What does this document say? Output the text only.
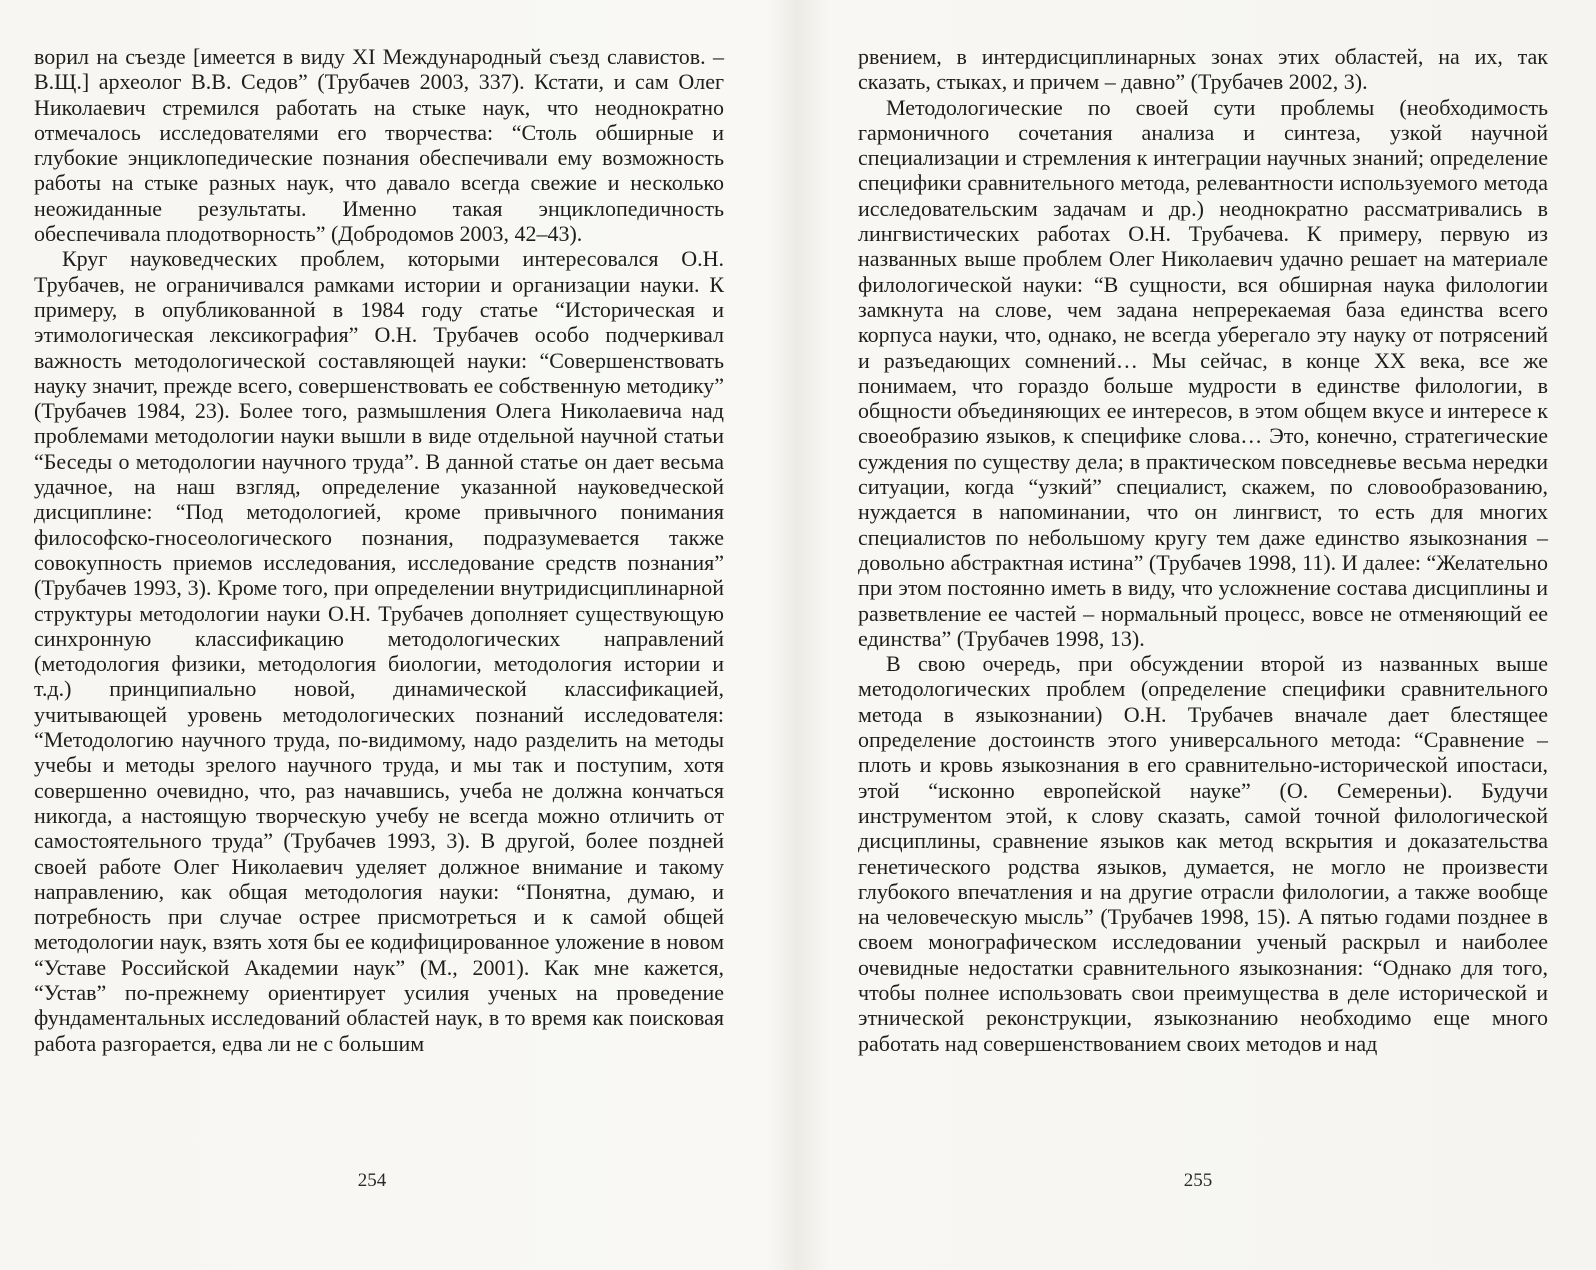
ворил на съезде [имеется в виду XI Международный съезд славистов. – В.Щ.] археолог В.В. Седов” (Трубачев 2003, 337). Кстати, и сам Олег Николаевич стремился работать на стыке наук, что неоднократно отмечалось исследователями его творчества: “Столь обширные и глубокие энциклопедические познания обеспечивали ему возможность работы на стыке разных наук, что давало всегда свежие и несколько неожиданные результаты. Именно такая энциклопедичность обеспечивала плодотворность” (Добродомов 2003, 42–43).

Круг науковедческих проблем, которыми интересовался О.Н. Трубачев, не ограничивался рамками истории и организации науки. К примеру, в опубликованной в 1984 году статье “Историческая и этимологическая лексикография” О.Н. Трубачев особо подчеркивал важность методологической составляющей науки: “Совершенствовать науку значит, прежде всего, совершенствовать ее собственную методику” (Трубачев 1984, 23). Более того, размышления Олега Николаевича над проблемами методологии науки вышли в виде отдельной научной статьи “Беседы о методологии научного труда”. В данной статье он дает весьма удачное, на наш взгляд, определение указанной науковедческой дисциплине: “Под методологией, кроме привычного понимания философско-гносеологического познания, подразумевается также совокупность приемов исследования, исследование средств познания” (Трубачев 1993, 3). Кроме того, при определении внутридисциплинарной структуры методологии науки О.Н. Трубачев дополняет существующую синхронную классификацию методологических направлений (методология физики, методология биологии, методология истории и т.д.) принципиально новой, динамической классификацией, учитывающей уровень методологических познаний исследователя: “Методологию научного труда, по-видимому, надо разделить на методы учебы и методы зрелого научного труда, и мы так и поступим, хотя совершенно очевидно, что, раз начавшись, учеба не должна кончаться никогда, а настоящую творческую учебу не всегда можно отличить от самостоятельного труда” (Трубачев 1993, 3). В другой, более поздней своей работе Олег Николаевич уделяет должное внимание и такому направлению, как общая методология науки: “Понятна, думаю, и потребность при случае острее присмотреться и к самой общей методологии наук, взять хотя бы ее кодифицированное уложение в новом “Уставе Российской Академии наук” (М., 2001). Как мне кажется, “Устав” по-прежнему ориентирует усилия ученых на проведение фундаментальных исследований областей наук, в то время как поисковая работа разгорается, едва ли не с большим

254

рвением, в интердисциплинарных зонах этих областей, на их, так сказать, стыках, и причем – давно” (Трубачев 2002, 3).

Методологические по своей сути проблемы (необходимость гармоничного сочетания анализа и синтеза, узкой научной специализации и стремления к интеграции научных знаний; определение специфики сравнительного метода, релевантности используемого метода исследовательским задачам и др.) неоднократно рассматривались в лингвистических работах О.Н. Трубачева. К примеру, первую из названных выше проблем Олег Николаевич удачно решает на материале филологической науки: “В сущности, вся обширная наука филологии замкнута на слове, чем задана непререкаемая база единства всего корпуса науки, что, однако, не всегда уберегало эту науку от потрясений и разъедающих сомнений… Мы сейчас, в конце XX века, все же понимаем, что гораздо больше мудрости в единстве филологии, в общности объединяющих ее интересов, в этом общем вкусе и интересе к своеобразию языков, к специфике слова… Это, конечно, стратегические суждения по существу дела; в практическом повседневье весьма нередки ситуации, когда “узкий” специалист, скажем, по словообразованию, нуждается в напоминании, что он лингвист, то есть для многих специалистов по небольшому кругу тем даже единство языкознания – довольно абстрактная истина” (Трубачев 1998, 11). И далее: “Желательно при этом постоянно иметь в виду, что усложнение состава дисциплины и разветвление ее частей – нормальный процесс, вовсе не отменяющий ее единства” (Трубачев 1998, 13).

В свою очередь, при обсуждении второй из названных выше методологических проблем (определение специфики сравнительного метода в языкознании) О.Н. Трубачев вначале дает блестящее определение достоинств этого универсального метода: “Сравнение – плоть и кровь языкознания в его сравнительно-исторической ипостаси, этой “исконно европейской науке” (О. Семереньи). Будучи инструментом этой, к слову сказать, самой точной филологической дисциплины, сравнение языков как метод вскрытия и доказательства генетического родства языков, думается, не могло не произвести глубокого впечатления и на другие отрасли филологии, а также вообще на человеческую мысль” (Трубачев 1998, 15). А пятью годами позднее в своем монографическом исследовании ученый раскрыл и наиболее очевидные недостатки сравнительного языкознания: “Однако для того, чтобы полнее использовать свои преимущества в деле исторической и этнической реконструкции, языкознанию необходимо еще много работать над совершенствованием своих методов и над

255
